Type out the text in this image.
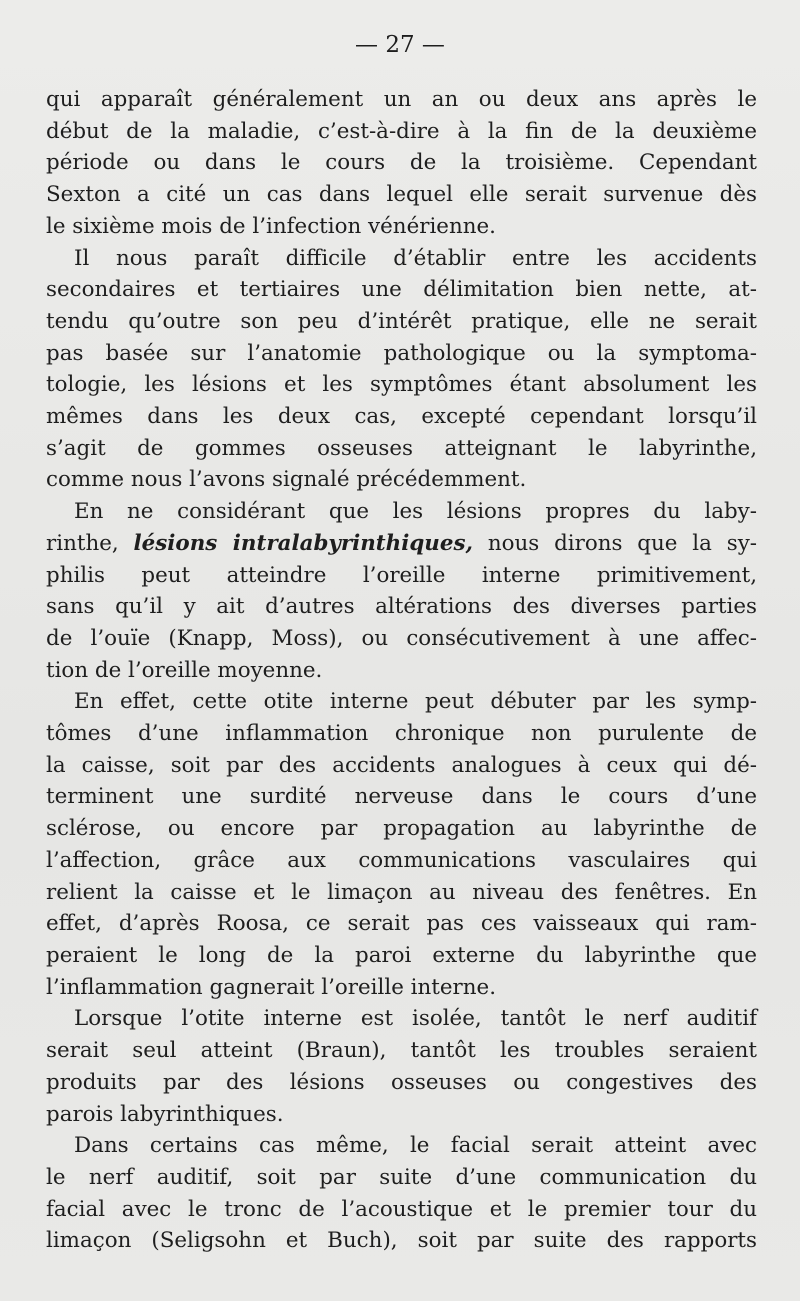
— 27 —
qui apparaît généralement un an ou deux ans après le
début de la maladie, c’est-à-dire à la fin de la deuxième
période ou dans le cours de la troisième. Cependant
Sexton a cité un cas dans lequel elle serait survenue dès
le sixième mois de l’infection vénérienne.
Il nous paraît difficile d’établir entre les accidents
secondaires et tertiaires une délimitation bien nette, at-
tendu qu’outre son peu d’intérêt pratique, elle ne serait
pas basée sur l’anatomie pathologique ou la symptoma-
tologie, les lésions et les symptômes étant absolument les
mêmes dans les deux cas, excepté cependant lorsqu’il
s’agit de gommes osseuses atteignant le labyrinthe,
comme nous l’avons signalé précédemment.
En ne considérant que les lésions propres du laby-
rinthe, lésions intralabyrinthiques, nous dirons que la sy-
philis peut atteindre l’oreille interne primitivement,
sans qu’il y ait d’autres altérations des diverses parties
de l’ouïe (Knapp, Moss), ou consécutivement à une affec-
tion de l’oreille moyenne.
En effet, cette otite interne peut débuter par les symp-
tômes d’une inflammation chronique non purulente de
la caisse, soit par des accidents analogues à ceux qui dé-
terminent une surdité nerveuse dans le cours d’une
sclérose, ou encore par propagation au labyrinthe de
l’affection, grâce aux communications vasculaires qui
relient la caisse et le limaçon au niveau des fenêtres. En
effet, d’après Roosa, ce serait pas ces vaisseaux qui ram-
peraient le long de la paroi externe du labyrinthe que
l’inflammation gagnerait l’oreille interne.
Lorsque l’otite interne est isolée, tantôt le nerf auditif
serait seul atteint (Braun), tantôt les troubles seraient
produits par des lésions osseuses ou congestives des
parois labyrinthiques.
Dans certains cas même, le facial serait atteint avec
le nerf auditif, soit par suite d’une communication du
facial avec le tronc de l’acoustique et le premier tour du
limaçon (Seligsohn et Buch), soit par suite des rapports
